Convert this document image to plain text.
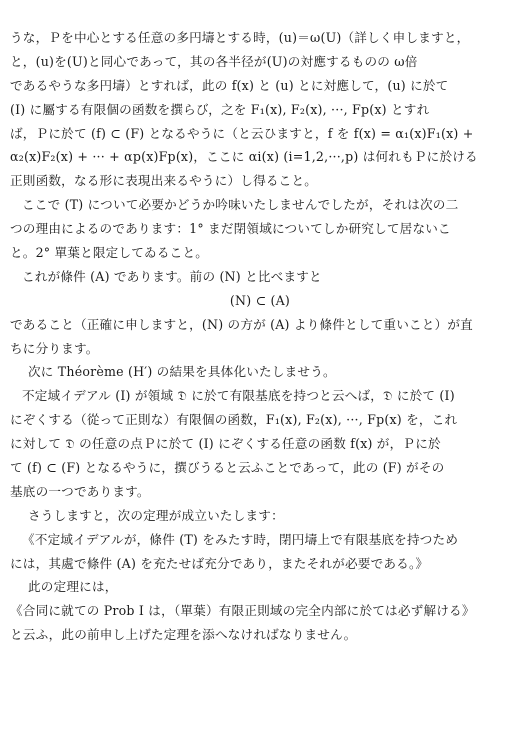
うな，Ｐを中心とする任意の多円壔とする時，(u)＝ω(U)（詳しく申しますと，
と，(u)を(U)と同心であって，其の各半径が(U)の対應するものの ω倍
であるやうな多円壔）とすれば，此の f(x) と (u) とに対應して，(u) に於て
(I) に屬する有限個の函数を撰らび，之を F₁(x), F₂(x), ···, Fp(x) とすれ
ば，Ｐに於て (f) ⊂ (F) となるやうに（と云ひますと，f を f(x) = α₁(x)F₁(x) +
α₂(x)F₂(x) + ··· + αp(x)Fp(x)，ここに αi(x) (i=1,2,···,p) は何れもＰに於ける
正則函数，なる形に表現出来るやうに）し得ること。
ここで (T) について必要かどうか吟味いたしませんでしたが，それは次の二
つの理由によるのであります：1° まだ閉領域についてしか研究して居ないこ
と。2° 單葉と限定してゐること。
これが條件 (A) であります。前の (N) と比べますと
(N) ⊂ (A)
であること（正確に申しますと，(N) の方が (A) より條件として重いこと）が直
ちに分ります。
次に Théorème (H′) の結果を具体化いたしませう。
不定域イデアル (I) が領域 𝔇 に於て有限基底を持つと云へば，𝔇 に於て (I)
にぞくする（從って正則な）有限個の函数，F₁(x), F₂(x), ···, Fp(x) を，これ
に対して 𝔇 の任意の点Ｐに於て (I) にぞくする任意の函数 f(x) が，Ｐに於
て (f) ⊂ (F) となるやうに，撰びうると云ふことであって，此の (F) がその
基底の一つであります。
さうしますと，次の定理が成立いたします：
《不定域イデアルが，條件 (T) をみたす時，閉円壔上で有限基底を持つため
には，其處で條件 (A) を充たせば充分であり，またそれが必要である。》
此の定理には，
《合同に就ての Prob I は，（單葉）有限正則域の完全内部に於ては必ず解ける》
と云ふ，此の前申し上げた定理を添へなければなりません。
